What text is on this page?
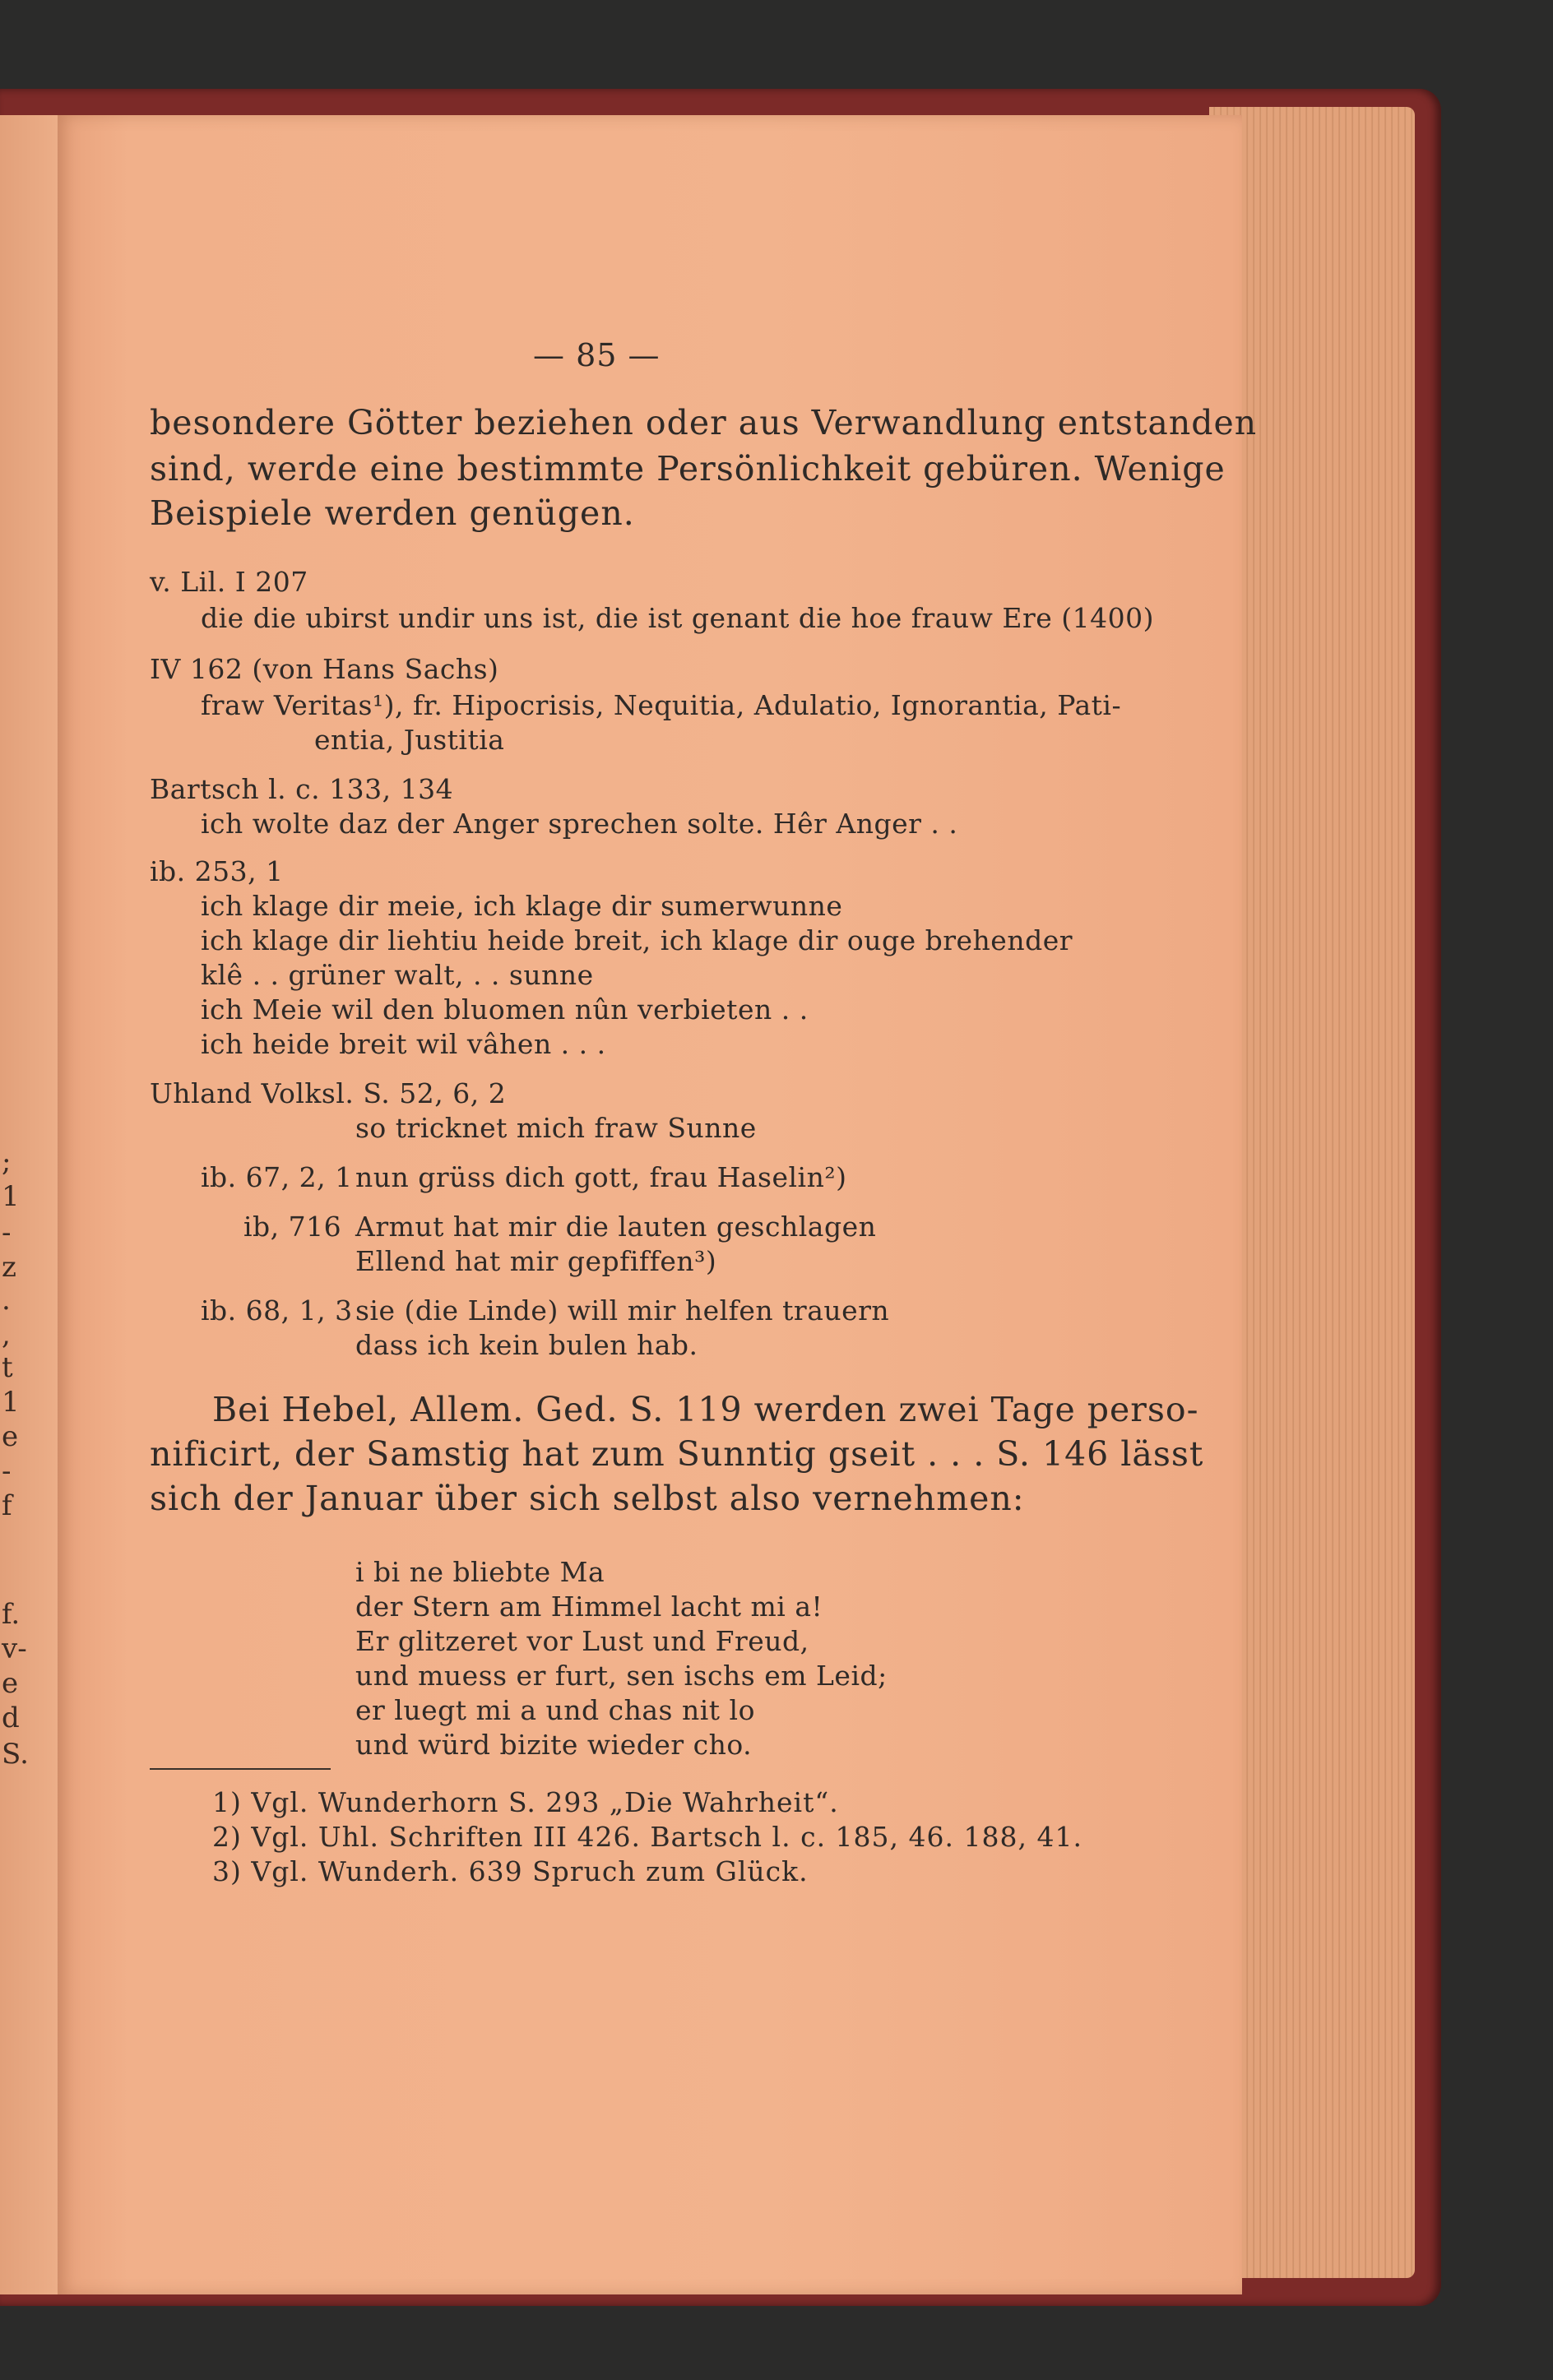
;
1
-
z
.
,
t
1
e
-
f
f.
v-
e
d
S.

— 85 —

besondere Götter beziehen oder aus Verwandlung entstanden

sind, werde eine bestimmte Persönlichkeit gebüren. Wenige

Beispiele werden genügen.

v. Lil. I 207

die die ubirst undir uns ist, die ist genant die hoe frauw Ere (1400)

IV 162 (von Hans Sachs)

fraw Veritas¹), fr. Hipocrisis, Nequitia, Adulatio, Ignorantia, Pati-

entia, Justitia

Bartsch l. c. 133, 134

ich wolte daz der Anger sprechen solte. Hêr Anger . .

ib. 253, 1

ich klage dir meie, ich klage dir sumerwunne

ich klage dir liehtiu heide breit, ich klage dir ouge brehender

klê . . grüner walt, . . sunne

ich Meie wil den bluomen nûn verbieten . .

ich heide breit wil vâhen . . .

Uhland Volksl. S. 52, 6, 2

so tricknet mich fraw Sunne

ib. 67, 2, 1 nun grüss dich gott, frau Haselin²)

ib, 716 Armut hat mir die lauten geschlagen

Ellend hat mir gepfiffen³)

ib. 68, 1, 3 sie (die Linde) will mir helfen trauern

dass ich kein bulen hab.

Bei Hebel, Allem. Ged. S. 119 werden zwei Tage perso-

nificirt, der Samstig hat zum Sunntig gseit . . . S. 146 lässt

sich der Januar über sich selbst also vernehmen:

i bi ne bliebte Ma

der Stern am Himmel lacht mi a!

Er glitzeret vor Lust und Freud,

und muess er furt, sen ischs em Leid;

er luegt mi a und chas nit lo

und würd bizite wieder cho.

1) Vgl. Wunderhorn S. 293 „Die Wahrheit“.

2) Vgl. Uhl. Schriften III 426. Bartsch l. c. 185, 46. 188, 41.

3) Vgl. Wunderh. 639 Spruch zum Glück.
